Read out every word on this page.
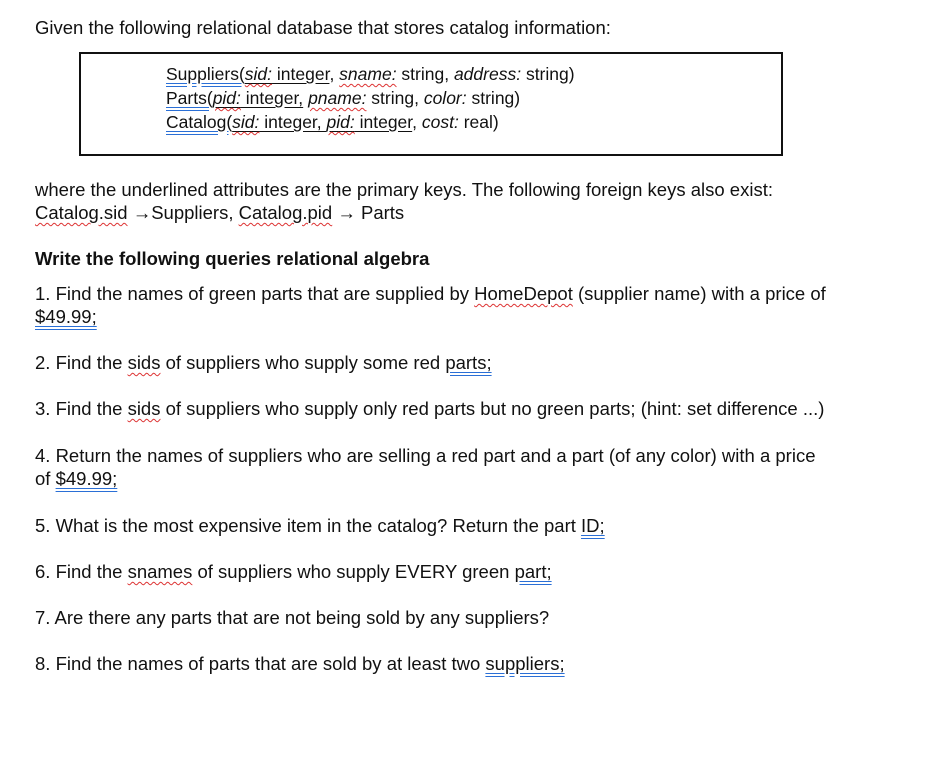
Given the following relational database that stores catalog information:
Suppliers(sid: integer, sname: string, address: string)
Parts(pid: integer, pname: string, color: string)
Catalog(sid: integer, pid: integer, cost: real)
where the underlined attributes are the primary keys. The following foreign keys also exist:
Catalog.sid →Suppliers, Catalog.pid → Parts
Write the following queries relational algebra
1. Find the names of green parts that are supplied by HomeDepot (supplier name) with a price of
$49.99;
2. Find the sids of suppliers who supply some red parts;
3. Find the sids of suppliers who supply only red parts but no green parts; (hint: set difference ...)
4. Return the names of suppliers who are selling a red part and a part (of any color) with a price
of $49.99;
5. What is the most expensive item in the catalog? Return the part ID;
6. Find the snames of suppliers who supply EVERY green part;
7. Are there any parts that are not being sold by any suppliers?
8. Find the names of parts that are sold by at least two suppliers;
